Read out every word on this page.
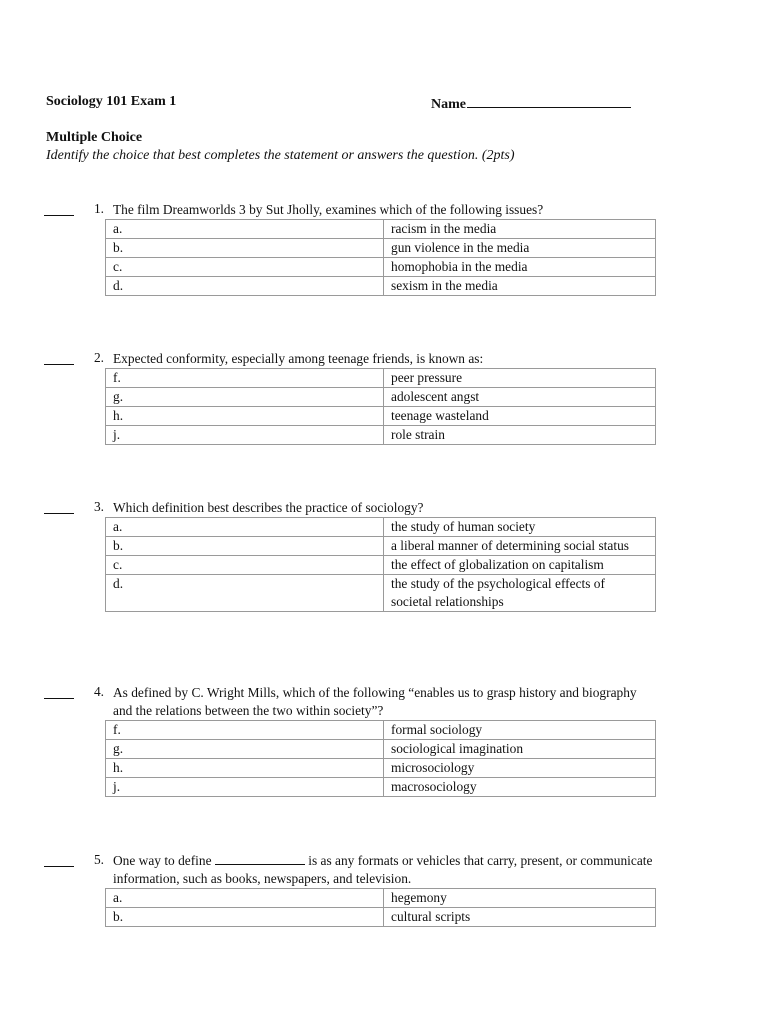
Sociology 101 Exam 1	Name
Multiple Choice
Identify the choice that best completes the statement or answers the question. (2pts)
1. The film Dreamworlds 3 by Sut Jholly, examines which of the following issues?
a.	racism in the media
b.	gun violence in the media
c.	homophobia in the media
d.	sexism in the media
2. Expected conformity, especially among teenage friends, is known as:
f.	peer pressure
g.	adolescent angst
h.	teenage wasteland
j.	role strain
3. Which definition best describes the practice of sociology?
a.	the study of human society
b.	a liberal manner of determining social status
c.	the effect of globalization on capitalism
d.	the study of the psychological effects of societal relationships
4. As defined by C. Wright Mills, which of the following “enables us to grasp history and biography and the relations between the two within society”?
f.	formal sociology
g.	sociological imagination
h.	microsociology
j.	macrosociology
5. One way to define	is as any formats or vehicles that carry, present, or communicate information, such as books, newspapers, and television.
a.	hegemony
b.	cultural scripts
